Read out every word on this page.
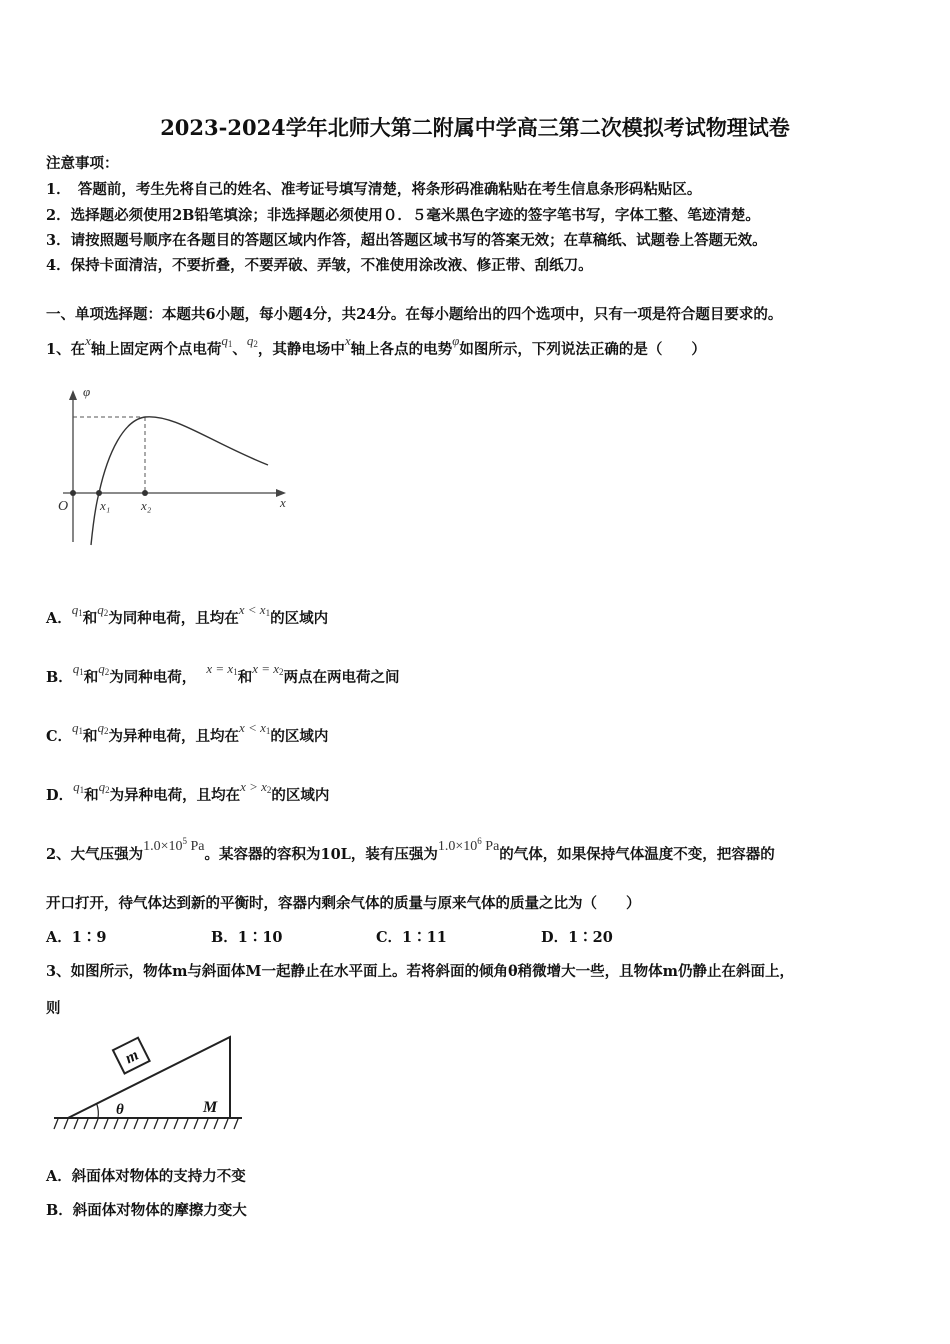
2023-2024学年北师大第二附属中学高三第二次模拟考试物理试卷
注意事项：
1．　答题前，考生先将自己的姓名、准考证号填写清楚，将条形码准确粘贴在考生信息条形码粘贴区。
2．选择题必须使用2B铅笔填涂；非选择题必须使用０．５毫米黑色字迹的签字笔书写，字体工整、笔迹清楚。
3．请按照题号顺序在各题目的答题区域内作答，超出答题区域书写的答案无效；在草稿纸、试题卷上答题无效。
4．保持卡面清洁，不要折叠，不要弄破、弄皱，不准使用涂改液、修正带、刮纸刀。
一、单项选择题：本题共6小题，每小题4分，共24分。在每小题给出的四个选项中，只有一项是符合题目要求的。
1、在x轴上固定两个点电荷$q_1$、$q_2$，其静电场中x轴上各点的电势φ如图所示，下列说法正确的是（　　）
φ
O x₁ x₂	x
A．$q_1$和$q_2$为同种电荷，且均在$x < x_1$的区域内
B．$q_1$和$q_2$为同种电荷，  $x = x_1$和$x = x_2$两点在两电荷之间
C．$q_1$和$q_2$为异种电荷，且均在$x < x_1$的区域内
D．$q_1$和$q_2$为异种电荷，且均在$x > x_2$的区域内
2、大气压强为$1.0\times 10^5$ Pa。某容器的容积为10L，装有压强为$1.0\times 10^6$ Pa的气体，如果保持气体温度不变，把容器的
开口打开，待气体达到新的平衡时，容器内剩余气体的质量与原来气体的质量之比为（　　）
A．1∶9	B．1∶10	C．1∶11	D．1∶20
3、如图所示，物体m与斜面体M一起静止在水平面上。若将斜面的倾角θ稍微增大一些，且物体m仍静止在斜面上，
则
m
θ	M
A．斜面体对物体的支持力不变
B．斜面体对物体的摩擦力变大
